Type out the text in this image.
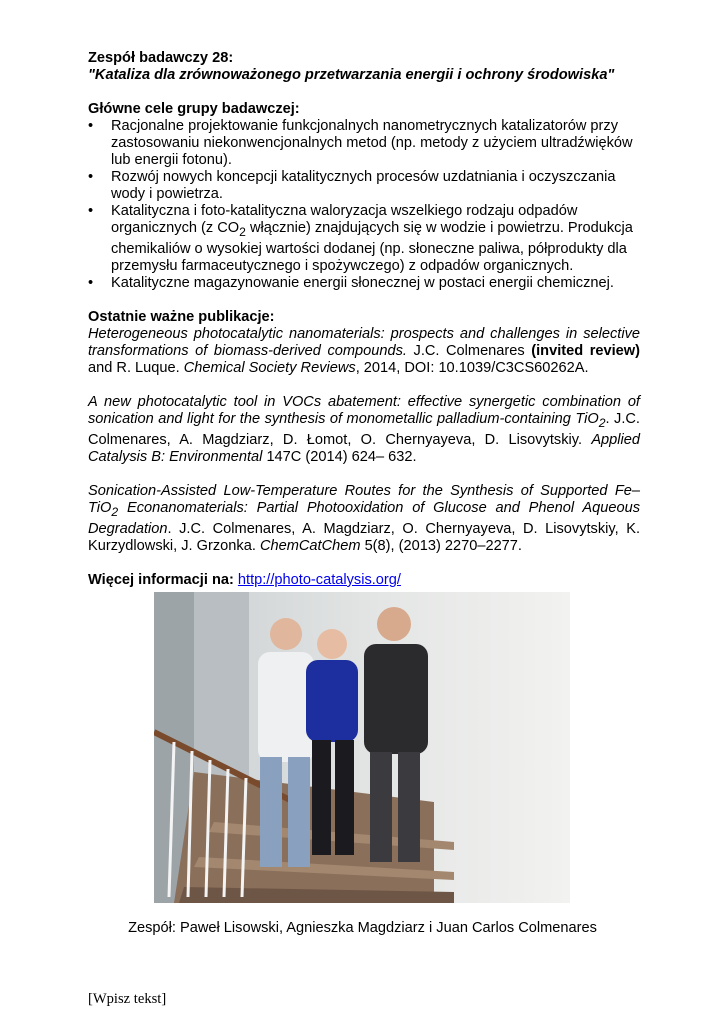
Zespół badawczy 28:
"Kataliza dla zrównoważonego przetwarzania energii i ochrony środowiska"
Główne cele grupy badawczej:
• Racjonalne projektowanie funkcjonalnych nanometrycznych katalizatorów przy zastosowaniu niekonwencjonalnych metod (np. metody z użyciem ultradźwięków lub energii fotonu).
• Rozwój nowych koncepcji katalitycznych procesów uzdatniania i oczyszczania wody i powietrza.
• Katalityczna i foto-katalityczna waloryzacja wszelkiego rodzaju odpadów organicznych (z $CO_2$ włącznie) znajdujących się w wodzie i powietrzu. Produkcja chemikaliów o wysokiej wartości dodanej (np. słoneczne paliwa, półprodukty dla przemysłu farmaceutycznego i spożywczego) z odpadów organicznych.
• Katalityczne magazynowanie energii słonecznej w postaci energii chemicznej.
Ostatnie ważne publikacje:
Heterogeneous photocatalytic nanomaterials: prospects and challenges in selective transformations of biomass-derived compounds. J.C. Colmenares (invited review) and R. Luque. Chemical Society Reviews, 2014, DOI: 10.1039/C3CS60262A.
A new photocatalytic tool in VOCs abatement: effective synergetic combination of sonication and light for the synthesis of monometallic palladium-containing TiO$_2$. J.C. Colmenares, A. Magdziarz, D. Łomot, O. Chernyayeva, D. Lisovytskiy. Applied Catalysis B: Environmental 147C (2014) 624– 632.
Sonication-Assisted Low-Temperature Routes for the Synthesis of Supported Fe–TiO$_2$ Econanomaterials: Partial Photooxidation of Glucose and Phenol Aqueous Degradation. J.C. Colmenares, A. Magdziarz, O. Chernyayeva, D. Lisovytskiy, K. Kurzydlowski, J. Grzonka. ChemCatChem 5(8), (2013) 2270–2277.
Więcej informacji na: http://photo-catalysis.org/
Zespół: Paweł Lisowski, Agnieszka Magdziarz i Juan Carlos Colmenares
[Wpisz tekst]
